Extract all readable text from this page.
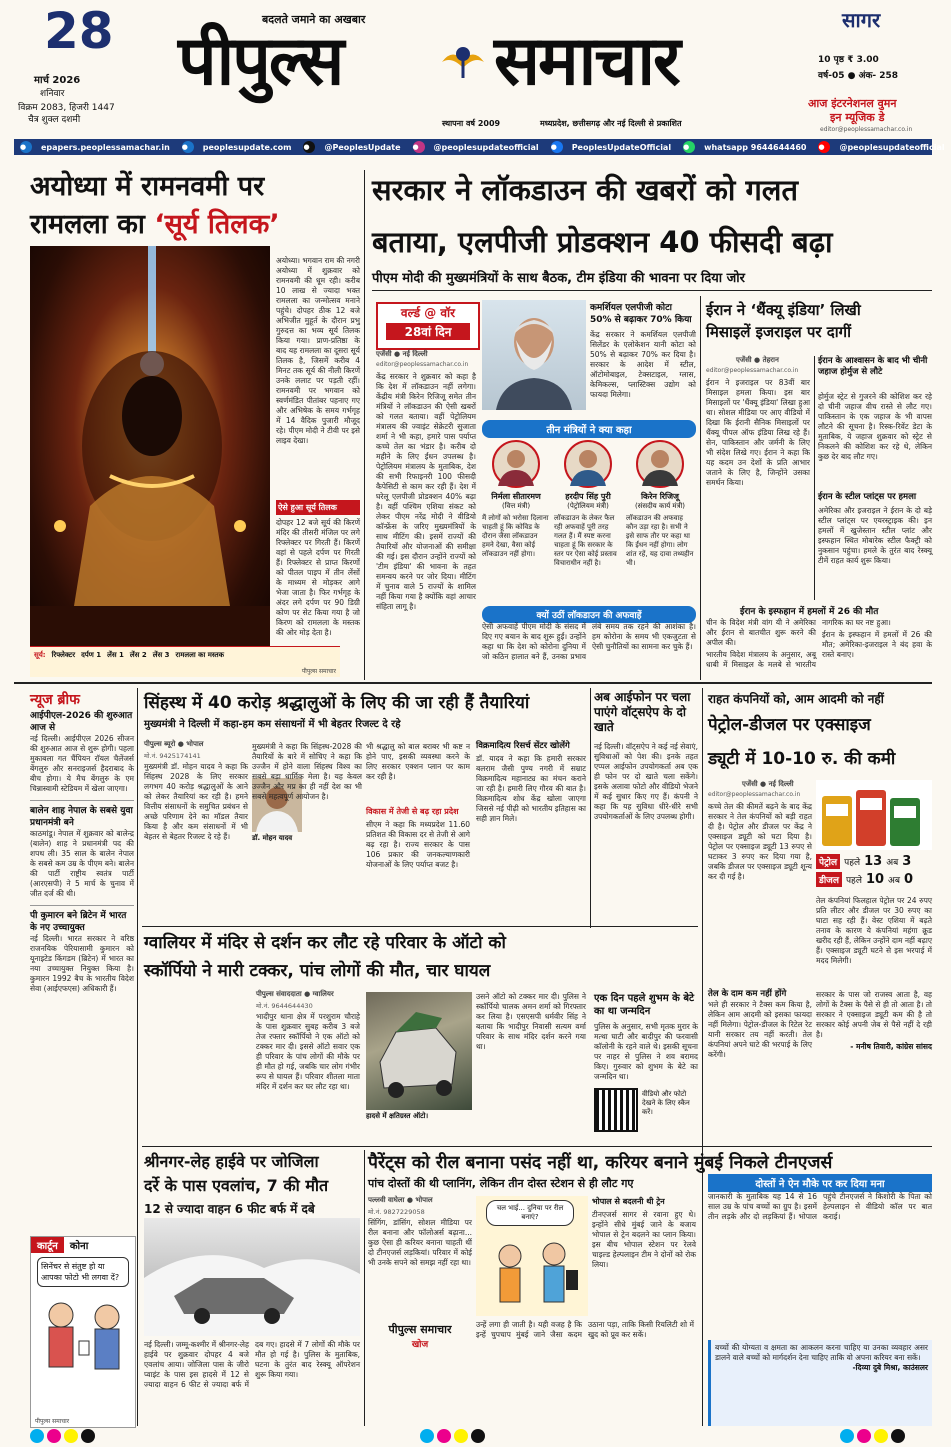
28
मार्च 2026
शनिवार
विक्रम 2083, हिजरी 1447
चैत्र शुक्ल दशमी
बदलते जमाने का अखबार
पीपुल्स समाचार
स्थापना वर्ष 2009	मध्यप्रदेश, छत्तीसगढ़ और नई दिल्ली से प्रकाशित
सागर
10 पृष्ठ ₹ 3.00
वर्ष-05 ● अंक- 258
आज इंटरनेशनल वुमन
इन म्यूजिक डे
editor@peoplessamachar.co.in
●	epapers.peoplessamachar.in ●	peoplesupdate.com ●	@PeoplesUpdate ●	@peoplesupdateofficial ●	PeoplesUpdateOfficial ●	whatsapp 9644644460 ●	@peoplesupdateofficial
अयोध्या में रामनवमी पर
रामलला का ‘सूर्य तिलक’
सूर्य: रिफ्लेक्टर दर्पण 1 लेंस 1 लेंस 2 लेंस 3 रामलला का मस्तक
पीपुल्स समाचार

अयोध्या। भगवान राम की नगरी अयोध्या में शुक्रवार को रामनवमी की धूम रही। करीब 10 लाख से ज्यादा भक्त रामलला का जन्मोत्सव मनाने पहुंचे। दोपहर ठीक 12 बजे अभिजीत मुहूर्त के दौरान प्रभु गुरुदत्त का भव्य सूर्य तिलक किया गया। प्राण-प्रतिष्ठा के बाद यह रामलला का दूसरा सूर्य तिलक है, जिसमें करीब 4 मिनट तक सूर्य की नीली किरणें उनके ललाट पर पड़ती रहीं। रामनवमी पर भगवान को स्वर्णमंडित पीतांबर पहनाए गए और अभिषेक के समय गर्भगृह में 14 वैदिक पुजारी मौजूद रहे। पीएम मोदी ने टीवी पर इसे लाइव देखा।

ऐसे हुआ सूर्य तिलक

दोपहर 12 बजे सूर्य की किरणें मंदिर की तीसरी मंजिल पर लगे रिफ्लेक्टर पर गिरती हैं। किरणें वहां से पहले दर्पण पर गिरती हैं। रिफ्लेक्टर से प्राप्त किरणों को पीतल पाइप में तीन लेंसों के माध्यम से मोड़कर आगे भेजा जाता है। फिर गर्भगृह के अंदर लगे दर्पण पर 90 डिग्री कोण पर सेट किया गया है जो किरण को रामलला के मस्तक की ओर मोड़ देता है।

सरकार ने लॉकडाउन की खबरों को गलत
बताया, एलपीजी प्रोडक्शन 40 फीसदी बढ़ा
पीएम मोदी की मुख्यमंत्रियों के साथ बैठक, टीम इंडिया की भावना पर दिया जोर
वर्ल्ड @ वॉर
28वां दिन
एजेंसी ● नई दिल्ली
editor@peoplessamachar.co.in

केंद्र सरकार ने शुक्रवार को कहा है कि देश में लॉकडाउन नहीं लगेगा। केंद्रीय मंत्री किरेन रिजिजू समेत तीन मंत्रियों ने लॉकडाउन की ऐसी खबरों को गलत बताया। वहीं पेट्रोलियम मंत्रालय की ज्वाइंट सेक्रेटरी सुजाता शर्मा ने भी कहा, हमारे पास पर्याप्त कच्चे तेल का भंडार है। करीब दो महीने के लिए ईंधन उपलब्ध है। पेट्रोलियम मंत्रालय के मुताबिक, देश की सभी रिफाइनरी 100 फीसदी कैपेसिटी से काम कर रही हैं। देश में घरेलू एलपीजी प्रोडक्शन 40% बढ़ा है। वहीं पश्चिम एशिया संकट को लेकर पीएम नरेंद्र मोदी ने वीडियो कॉन्फ्रेंस के जरिए मुख्यमंत्रियों के साथ मीटिंग की। इसमें राज्यों की तैयारियों और योजनाओं की समीक्षा की गई। इस दौरान उन्होंने राज्यों को 'टीम इंडिया' की भावना के तहत समन्वय करने पर जोर दिया। मीटिंग में चुनाव वाले 5 राज्यों के शामिल नहीं किया गया है क्योंकि वहां आचार संहिता लागू है।

कमर्शियल एलपीजी कोटा 50% से बढ़ाकर 70% किया

केंद्र सरकार ने कमर्शियल एलपीजी सिलेंडर के एलोकेशन यानी कोटा को 50% से बढ़ाकर 70% कर दिया है। सरकार के आदेश में स्टील, ऑटोमोबाइल, टेक्सटाइल, ग्लास, केमिकल्स, प्लास्टिक्स उद्योग को फायदा मिलेगा।

तीन मंत्रियों ने क्या कहा
निर्मला सीतारमण
(वित्त मंत्री)
मैं लोगों को भरोसा दिलाना चाहती हूं कि कोविड के दौरान जैसा लॉकडाउन हमने देखा, वैसा कोई लॉकडाउन नहीं होगा।
हरदीप सिंह पुरी
(पेट्रोलियम मंत्री)
लॉकडाउन के लेकर फैल रही अफवाहें पूरी तरह गलत हैं। मैं स्पष्ट करना चाहता हूं कि सरकार के स्तर पर ऐसा कोई प्रस्ताव विचाराधीन नहीं है।
किरेन रिजिजू
(संसदीय कार्य मंत्री)
लॉकडाउन की अफवाह कौन उड़ा रहा है। सभी ने इसे साफ तौर पर कहा था कि ईंधन नहीं होगा। लोग शांत रहें, यह दावा तथ्यहीन भी।
क्यों उठीं लॉकडाउन की अफवाहें

ऐसी अफवाहें पीएम मोदी के संसद में दिए गए बयान के बाद शुरू हुईं। उन्होंने कहा था कि देश को कोरोना दुनिया में जो कठिन हालात बने हैं, उनका प्रभाव लंबे समय तक रहने की आशंका है। हम कोरोना के समय भी एकजुटता से ऐसी चुनौतियों का सामना कर चुके हैं।

ईरान ने ‘थैंक्यू इंडिया’ लिखी
मिसाइलें इजराइल पर दागीं
एजेंसी ● तेहरान
editor@peoplessamachar.co.in

ईरान ने इजराइल पर 83वीं बार मिसाइल हमला किया। इस बार मिसाइलों पर 'थैंक्यू इंडिया' लिखा हुआ था। सोशल मीडिया पर आए वीडियो में दिखा कि ईरानी सैनिक मिसाइलों पर थैंक्यू पीपल ऑफ इंडिया लिख रहे हैं। सेन, पाकिस्तान और जर्मनी के लिए भी संदेश लिखे गए। ईरान ने कहा कि यह कदम उन देशों के प्रति आभार जताने के लिए है, जिन्होंने उसका समर्थन किया।

ईरान के आश्वासन के बाद भी चीनी जहाज होर्मुज से लौटे

होर्मुज स्ट्रेट से गुजरने की कोशिश कर रहे दो चीनी जहाज वीच रास्ते से लौट गए। पाकिस्तान के एक जहाज के भी वापस लौटने की सूचना है। रिस्क-रिवेंट डेटा के मुताबिक, ये जहाज शुक्रवार को स्ट्रेट से निकलने की कोशिश कर रहे थे, लेकिन कुछ देर बाद लौट गए।

ईरान के स्टील प्लांट्स पर हमला

अमेरिका और इजराइल ने ईरान के दो बड़े स्टील प्लांट्स पर एयरस्ट्राइक की। इन हमलों में खुजेस्तान स्टील प्लांट और इस्फहान स्थित मोबारेक स्टील फैक्ट्री को नुकसान पहुंचा। हमले के तुरंत बाद रेस्क्यू टीमें राहत कार्य शुरू किया।

ईरान के इस्फहान में हमलों में 26 की मौत

चीन के विदेश मंत्री वांग यी ने अमेरिका और ईरान से बातचीत शुरू करने की अपील की।

भारतीय विदेश मंत्रालय के अनुसार, अबू धाबी में मिसाइल के मलबे से भारतीय नागरिक का घर नष्ट हुआ।

ईरान के इस्फहान में हमलों में 26 की मौत; अमेरिका-इजराइल ने बंद हवा के रास्ते बनाए।

न्यूज ब्रीफ
आईपीएल-2026 की शुरुआत आज से
नई दिल्ली। आईपीएल 2026 सीजन की शुरुआत आज से शुरू होगी। पहला मुकाबला गत चैंपियन रॉयल चैलेंजर्स बेंगलुरु और सनराइजर्स हैदराबाद के बीच होगा। ये मैच बेंगलुरु के एम चिन्नास्वामी स्टेडियम में खेला जाएगा।
बालेन शाह नेपाल के सबसे युवा प्रधानमंत्री बने
काठमांडू। नेपाल में शुक्रवार को बालेन्द्र (बालेन) शाह ने प्रधानमंत्री पद की शपथ ली। 35 साल के बालेन नेपाल के सबसे कम उम्र के पीएम बने। बालेन की पार्टी राष्ट्रीय स्वतंत्र पार्टी (आरएसपी) ने 5 मार्च के चुनाव में जीत दर्ज की थी।
पी कुमारन बने ब्रिटेन में भारत के नए उच्चायुक्त
नई दिल्ली। भारत सरकार ने वरिष्ठ राजनयिक पेरियासामी कुमारन को यूनाइटेड किंगडम (ब्रिटेन) में भारत का नया उच्चायुक्त नियुक्त किया है। कुमारन 1992 बैच के भारतीय विदेश सेवा (आईएफएस) अधिकारी हैं।
कार्टून	कोना
सिनेंचर से संतुष्ट हो या आपका फोटो भी लगवा दें?
पीपुल्स समाचार
सिंहस्थ में 40 करोड़ श्रद्धालुओं के लिए की जा रही हैं तैयारियां
मुख्यमंत्री ने दिल्ली में कहा-हम कम संसाधनों में भी बेहतर रिजल्ट दे रहे
पीपुल्स ब्यूरो ● भोपाल
मो.नं. 9425174141

मुख्यमंत्री डॉ. मोहन यादव ने कहा कि सिंहस्थ 2028 के लिए सरकार लगभग 40 करोड़ श्रद्धालुओं के आने को लेकर तैयारियां कर रही है। हमने वित्तीय संसाधनों के समुचित प्रबंधन से अच्छे परिणाम देने का मॉडल तैयार किया है और कम संसाधनों में भी बेहतर से बेहतर रिजल्ट दे रहे हैं।	डॉ. मोहन यादव

मुख्यमंत्री ने कहा कि सिंहस्थ-2028 की तैयारियों के बारे में सोचिए ने कहा कि उज्जैन में होने वाला सिंहस्थ विश्व का सबसे बड़ा धार्मिक मेला है। यह केवल उज्जैन और मप्र का ही नहीं देश का भी सबसे महत्वपूर्ण आयोजन है।

भी श्रद्धालु को बाल बराबर भी कष्ट न होने पाए, इसकी व्यवस्था करने के लिए सरकार एक्शन प्लान पर काम कर रही है।

विकास में तेजी से बढ़ रहा प्रदेश

सीएम ने कहा कि मध्यप्रदेश 11.60 प्रतिशत की विकास दर से तेजी से आगे बढ़ रहा है। राज्य सरकार के पास 106 प्रकार की जनकल्याणकारी योजनाओं के लिए पर्याप्त बजट है।

विक्रमादित्य रिसर्च सेंटर खोलेंगे

डॉ. यादव ने कहा कि हमारी सरकार बलराम जैसी पुण्य नगरी में सम्राट विक्रमादित्य महानाट्य का मंचन कराने जा रही है। हमारी लिए गौरव की बात है। विक्रमादित्य शोध केंद्र खोला जाएगा जिससे नई पीढ़ी को भारतीय इतिहास का सही ज्ञान मिले।

अब आईफोन पर चला पाएंगे वॉट्सऐप के दो खाते

नई दिल्ली। वॉट्सऐप ने कई नई सेवाएं, सुविधाओं को पेश की। इनके तहत एप्पल आईफोन उपयोगकर्ता अब एक ही फोन पर दो खाते चला सकेंगे। इसके अलावा फोटो और वीडियो भेजने में कई सुधार किए गए हैं। कंपनी ने कहा कि यह सुविधा धीरे-धीरे सभी उपयोगकर्ताओं के लिए उपलब्ध होगी।

राहत कंपनियों को, आम आदमी को नहीं
पेट्रोल-डीजल पर एक्साइज
ड्यूटी में 10-10 रु. की कमी
एजेंसी ● नई दिल्ली
editor@peoplessamachar.co.in

कच्चे तेल की कीमतें बढ़ने के बाद केंद्र सरकार ने तेल कंपनियों को बड़ी राहत दी है। पेट्रोल और डीजल पर केंद्र ने एक्साइज ड्यूटी को घटा दिया है। पेट्रोल पर एक्साइज ड्यूटी 13 रुपए से घटाकर 3 रुपए कर दिया गया है, जबकि डीजल पर एक्साइज ड्यूटी शून्य कर दी गई है।

पेट्रोल पहले 13 अब 3
डीजल पहले 10 अब 0

तेल कंपनियां फिलहाल पेट्रोल पर 24 रुपए प्रति लीटर और डीजल पर 30 रुपए का घाटा सह रही हैं। वेस्ट एशिया में बढ़ते तनाव के कारण ये कंपनियां महंगा क्रूड खरीद रही हैं, लेकिन उन्होंने दाम नहीं बढ़ाए हैं। एक्साइज ड्यूटी घटने से इस भरपाई में मदद मिलेगी।

तेल के दाम कम नहीं होंगे

भले ही सरकार ने टैक्स कम किया है, लेकिन आम आदमी को इसका फायदा नहीं मिलेगा। पेट्रोल-डीजल के रिटेल रेट यानी सरकार तय नहीं करती। तेल कंपनियां अपने घाटे की भरपाई के लिए करेंगी।

सरकार के पास जो राजस्व आता है, वह लोगों के टैक्स के पैसे से ही तो आता है। तो सरकार ने एक्साइज ड्यूटी कम की है तो सरकार कोई अपनी जेब से पैसे नहीं दे रही है।

- मनीष तिवारी, कांग्रेस सांसद

ग्वालियर में मंदिर से दर्शन कर लौट रहे परिवार के ऑटो को
स्कॉर्पियो ने मारी टक्कर, पांच लोगों की मौत, चार घायल
पीपुल्स संवाददाता ● ग्वालियर
मो.नं. 9644644430

भादीपुर थाना क्षेत्र में परशुराम चौराहे के पास शुक्रवार सुबह करीब 3 बजे तेज रफ्तार स्कॉर्पियो ने एक ऑटो को टक्कर मार दी। इससे ऑटो सवार एक ही परिवार के पांच लोगों की मौके पर ही मौत हो गई, जबकि चार लोग गंभीर रूप से घायल हैं। परिवार शीतला माता मंदिर में दर्शन कर घर लौट रहा था।

हादसे में क्षतिग्रस्त ऑटो।

उसने ऑटो को टक्कर मार दी। पुलिस ने स्कॉर्पियो चालक अमन शर्मा को गिरफ्तार कर लिया है। एसएसपी धर्मवीर सिंह ने बताया कि भादीपुर निवासी सत्यम वर्मा परिवार के साथ मंदिर दर्शन करने गया था।

एक दिन पहले शुभम के बेटे का था जन्मदिन

पुलिस के अनुसार, सभी मृतक मुरार के मत्था घाटी और बादीपुर की फरवासी कॉलोनी के रहने वाले थे। इसकी सूचना पर नाहर से पुलिस ने शव बरामद किए। गुरुवार को शुभम के बेटे का जन्मदिन था।

वीडियो और फोटो देखने के लिए स्कैन करें।
श्रीनगर-लेह हाईवे पर जोजिला
दर्रे के पास एवलांच, 7 की मौत
12 से ज्यादा वाहन 6 फीट बर्फ में दबे

नई दिल्ली। जम्मू-कश्मीर में श्रीनगर-लेह हाईवे पर शुक्रवार दोपहर 4 बजे एवलांच आया। जोजिला पास के जीरो प्वाइंट के पास इस हादसे में 12 से ज्यादा वाहन 6 फीट से ज्यादा बर्फ में दब गए। हादसे में 7 लोगों की मौके पर मौत हो गई है। पुलिस के मुताबिक, घटना के तुरंत बाद रेस्क्यू ऑपरेशन शुरू किया गया।

पैरेंट्स को रील बनाना पसंद नहीं था, करियर बनाने मुंबई निकले टीनएजर्स
पांच दोस्तों की थी प्लानिंग, लेकिन तीन दोस्त स्टेशन से ही लौट गए
पल्लवी वाघेला ● भोपाल
मो.नं. 9827229058

सिंगिंग, डांसिंग, सोशल मीडिया पर रील बनाना और फॉलोअर्स बढ़ाना... कुछ ऐसा ही करियर बनाना चाहती थीं दो टीनएजर्स लड़कियां। परिवार में कोई भी उनके सपने को समझ नहीं रहा था।

चल भाई... दुनिया पर रील बनाएं?
पीपुल्स समाचार
खोज

उन्हें लगा ही जाती है। यही वजह है कि इन्हें चुपचाप मुंबई जाने जैसा कदम उठाना पड़ा, ताकि किसी रियलिटी शो में खुद को प्रूव कर सकें।

भोपाल से बदलनी थी ट्रेन

टीनएजर्स सागर से रवाना हुए थे। इन्होंने सीधे मुंबई जाने के बजाय भोपाल से ट्रेन बदलने का प्लान किया। इस बीच भोपाल स्टेशन पर रेलवे चाइल्ड हेल्पलाइन टीम ने दोनों को रोक लिया।

दोस्तों ने ऐन मौके पर कर दिया मना

जानकारी के मुताबिक यह 14 से 16 साल उम्र के पांच बच्चों का ग्रुप है। इसमें तीन लड़के और दो लड़कियां हैं। भोपाल पहुंचे टीनएजर्स ने किशोरी के पिता को हेल्पलाइन से वीडियो कॉल पर बात कराई।

बच्चों की योग्यता व क्षमता का आकलन करना चाहिए या उनका व्यवहार असर डालने वाले बच्चों को मार्गदर्शन देना चाहिए ताकि वो अपना करियर बना सकें।
-दिव्या दुबे मिश्रा, काउंसलर
